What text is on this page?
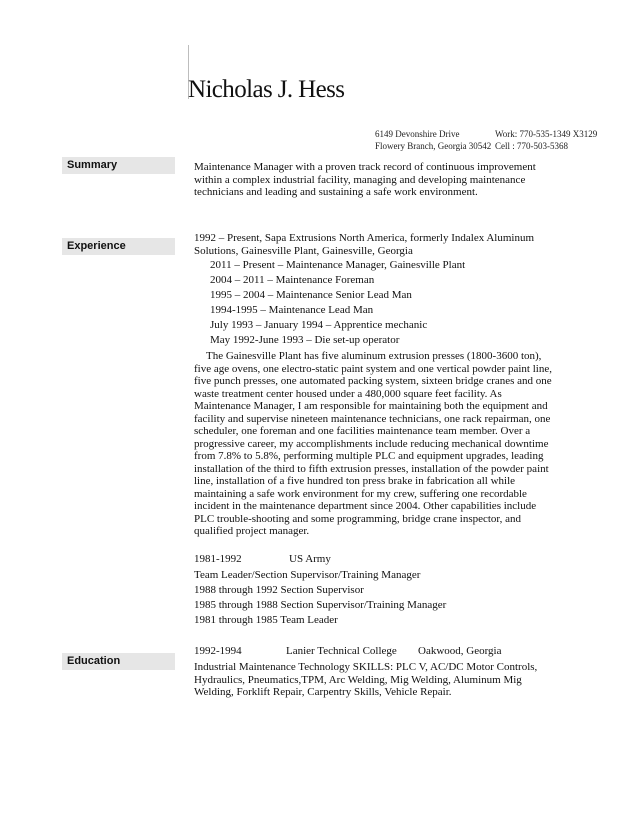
Nicholas J. Hess
6149 Devonshire Drive
Flowery Branch, Georgia 30542
Work: 770-535-1349 X3129
Cell : 770-503-5368
Summary	Maintenance Manager with a proven track record of continuous improvement within a complex industrial facility, managing and developing maintenance technicians and leading and sustaining a safe work environment.
Experience
1992 – Present, Sapa Extrusions North America, formerly Indalex Aluminum Solutions, Gainesville Plant, Gainesville, Georgia
2011 – Present – Maintenance Manager, Gainesville Plant
2004 – 2011 – Maintenance Foreman
1995 – 2004 – Maintenance Senior Lead Man
1994-1995 – Maintenance Lead Man
July 1993 – January 1994 – Apprentice mechanic
May 1992-June 1993 – Die set-up operator
The Gainesville Plant has five aluminum extrusion presses (1800-3600 ton), five age ovens, one electro-static paint system and one vertical powder paint line, five punch presses, one automated packing system, sixteen bridge cranes and one waste treatment center housed under a 480,000 square feet facility. As Maintenance Manager, I am responsible for maintaining both the equipment and facility and supervise nineteen maintenance technicians, one rack repairman, one scheduler, one foreman and one facilities maintenance team member. Over a progressive career, my accomplishments include reducing mechanical downtime from 7.8% to 5.8%, performing multiple PLC and equipment upgrades, leading installation of the third to fifth extrusion presses, installation of the powder paint line, installation of a five hundred ton press brake in fabrication all while maintaining a safe work environment for my crew, suffering one recordable incident in the maintenance department since 2004. Other capabilities include PLC trouble-shooting and some programming, bridge crane inspector, and qualified project manager.
1981-1992	US Army
Team Leader/Section Supervisor/Training Manager
1988 through 1992 Section Supervisor
1985 through 1988 Section Supervisor/Training Manager
1981 through 1985 Team Leader
Education
1992-1994	Lanier Technical College Oakwood, Georgia
Industrial Maintenance Technology SKILLS: PLC V, AC/DC Motor Controls, Hydraulics, Pneumatics,TPM, Arc Welding, Mig Welding, Aluminum Mig Welding, Forklift Repair, Carpentry Skills, Vehicle Repair.
